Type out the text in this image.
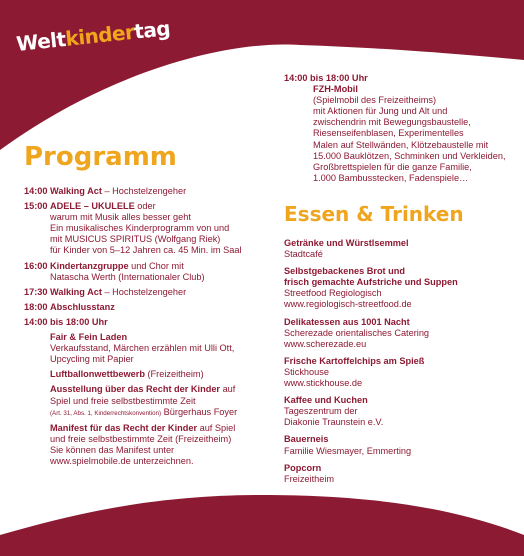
Weltkindertag
Programm
Essen & Trinken
14:00 Walking Act – Hochstelzengeher
15:00 ADELE – UKULELE oder
warum mit Musik alles besser geht
Ein musikalisches Kinderprogramm von und
mit MUSICUS SPIRITUS (Wolfgang Riek)
für Kinder von 5–12 Jahren ca. 45 Min. im Saal
16:00 Kindertanzgruppe und Chor mit
Natascha Werth (Internationaler Club)
17:30 Walking Act – Hochstelzengeher
18:00 Abschlusstanz
14:00 bis 18:00 Uhr
Fair & Fein Laden
Verkaufsstand, Märchen erzählen mit Ulli Ott,
Upcycling mit Papier
Luftballonwettbewerb (Freizeitheim)
Ausstellung über das Recht der Kinder auf
Spiel und freie selbstbestimmte Zeit
(Art. 31, Abs. 1, Kinderrechtskonvention) Bürgerhaus Foyer
Manifest für das Recht der Kinder auf Spiel
und freie selbstbestimmte Zeit (Freizeitheim)
Sie können das Manifest unter
www.spielmobile.de unterzeichnen.
14:00 bis 18:00 Uhr
FZH-Mobil
(Spielmobil des Freizeitheims)
mit Aktionen für Jung und Alt und
zwischendrin mit Bewegungsbaustelle,
Riesenseifenblasen, Experimentelles
Malen auf Stellwänden, Klötzebaustelle mit
15.000 Bauklötzen, Schminken und Verkleiden,
Großbrettspielen für die ganze Familie,
1.000 Bambusstecken, Fadenspiele…
Getränke und Würstlsemmel
Stadtcafé
Selbstgebackenes Brot und
frisch gemachte Aufstriche und Suppen
Streetfood Regiologisch
www.regiologisch-streetfood.de
Delikatessen aus 1001 Nacht
Scherezade orientalisches Catering
www.scherezade.eu
Frische Kartoffelchips am Spieß
Stickhouse
www.stickhouse.de
Kaffee und Kuchen
Tageszentrum der
Diakonie Traunstein e.V.
Bauerneis
Familie Wiesmayer, Emmerting
Popcorn
Freizeitheim
